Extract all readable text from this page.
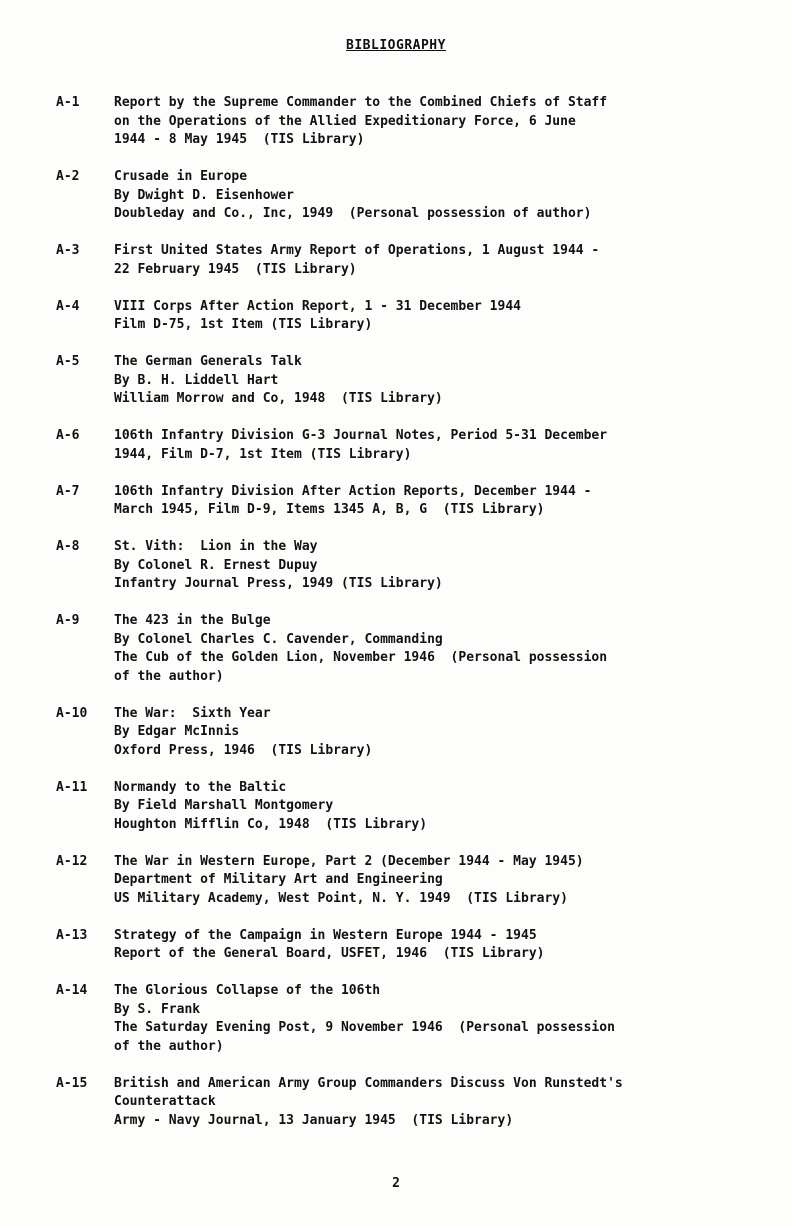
BIBLIOGRAPHY
A-1	Report by the Supreme Commander to the Combined Chiefs of Staff
on the Operations of the Allied Expeditionary Force, 6 June
1944 - 8 May 1945  (TIS Library)
A-2	Crusade in Europe
By Dwight D. Eisenhower
Doubleday and Co., Inc, 1949  (Personal possession of author)
A-3	First United States Army Report of Operations, 1 August 1944 -
22 February 1945  (TIS Library)
A-4	VIII Corps After Action Report, 1 - 31 December 1944
Film D-75, 1st Item (TIS Library)
A-5	The German Generals Talk
By B. H. Liddell Hart
William Morrow and Co, 1948  (TIS Library)
A-6	106th Infantry Division G-3 Journal Notes, Period 5-31 December
1944, Film D-7, 1st Item (TIS Library)
A-7	106th Infantry Division After Action Reports, December 1944 -
March 1945, Film D-9, Items 1345 A, B, G  (TIS Library)
A-8	St. Vith:  Lion in the Way
By Colonel R. Ernest Dupuy
Infantry Journal Press, 1949 (TIS Library)
A-9	The 423 in the Bulge
By Colonel Charles C. Cavender, Commanding
The Cub of the Golden Lion, November 1946  (Personal possession
of the author)
A-10	The War:  Sixth Year
By Edgar McInnis
Oxford Press, 1946  (TIS Library)
A-11	Normandy to the Baltic
By Field Marshall Montgomery
Houghton Mifflin Co, 1948  (TIS Library)
A-12	The War in Western Europe, Part 2 (December 1944 - May 1945)
Department of Military Art and Engineering
US Military Academy, West Point, N. Y. 1949  (TIS Library)
A-13	Strategy of the Campaign in Western Europe 1944 - 1945
Report of the General Board, USFET, 1946  (TIS Library)
A-14	The Glorious Collapse of the 106th
By S. Frank
The Saturday Evening Post, 9 November 1946  (Personal possession
of the author)
A-15	British and American Army Group Commanders Discuss Von Runstedt's
Counterattack
Army - Navy Journal, 13 January 1945  (TIS Library)
2
